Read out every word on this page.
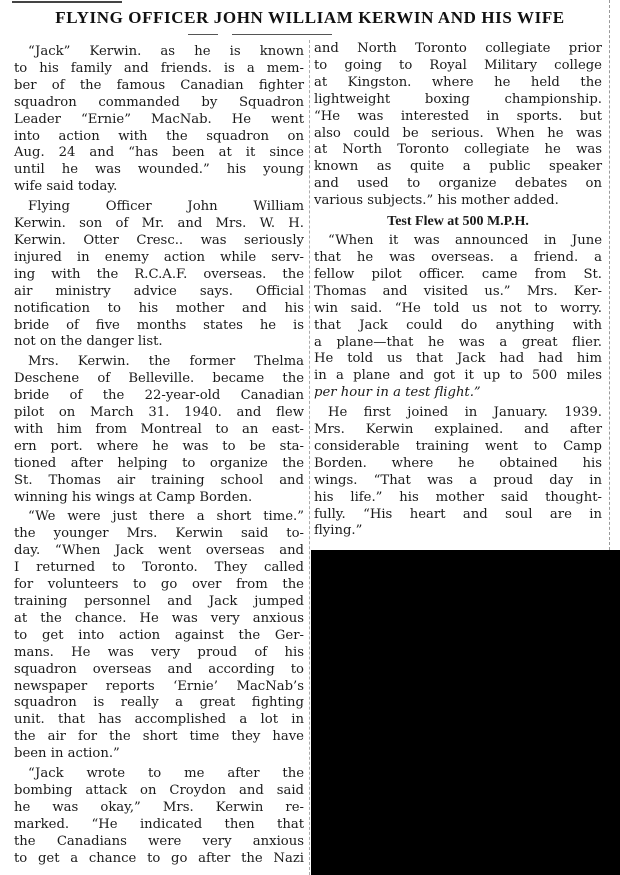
FLYING OFFICER JOHN WILLIAM KERWIN AND HIS WIFE
“Jack” Kerwin. as he is known
to his family and friends. is a mem-
ber of the famous Canadian fighter
squadron commanded by Squadron
Leader “Ernie” MacNab. He went
into action with the squadron on
Aug. 24 and “has been at it since
until he was wounded.” his young
wife said today.
Flying Officer John William
Kerwin. son of Mr. and Mrs. W. H.
Kerwin. Otter Cresc.. was seriously
injured in enemy action while serv-
ing with the R.C.A.F. overseas. the
air ministry advice says. Official
notification to his mother and his
bride of five months states he is
not on the danger list.
Mrs. Kerwin. the former Thelma
Deschene of Belleville. became the
bride of the 22-year-old Canadian
pilot on March 31. 1940. and flew
with him from Montreal to an east-
ern port. where he was to be sta-
tioned after helping to organize the
St. Thomas air training school and
winning his wings at Camp Borden.
“We were just there a short time.”
the younger Mrs. Kerwin said to-
day. “When Jack went overseas and
I returned to Toronto. They called
for volunteers to go over from the
training personnel and Jack jumped
at the chance. He was very anxious
to get into action against the Ger-
mans. He was very proud of his
squadron overseas and according to
newspaper reports ‘Ernie’ MacNab’s
squadron is really a great fighting
unit. that has accomplished a lot in
the air for the short time they have
been in action.”
“Jack wrote to me after the
bombing attack on Croydon and said
he was okay,” Mrs. Kerwin re-
marked. “He indicated then that
the Canadians were very anxious
to get a chance to go after the Nazi
and North Toronto collegiate prior
to going to Royal Military college
at Kingston. where he held the
lightweight boxing championship.
“He was interested in sports. but
also could be serious. When he was
at North Toronto collegiate he was
known as quite a public speaker
and used to organize debates on
various subjects.” his mother added.
Test Flew at 500 M.P.H.
“When it was announced in June
that he was overseas. a friend. a
fellow pilot officer. came from St.
Thomas and visited us.” Mrs. Ker-
win said. “He told us not to worry.
that Jack could do anything with
a plane—that he was a great flier.
He told us that Jack had had him
in a plane and got it up to 500 miles
per hour in a test flight.”
He first joined in January. 1939.
Mrs. Kerwin explained. and after
considerable training went to Camp
Borden. where he obtained his
wings. “That was a proud day in
his life.” his mother said thought-
fully. “His heart and soul are in
flying.”
